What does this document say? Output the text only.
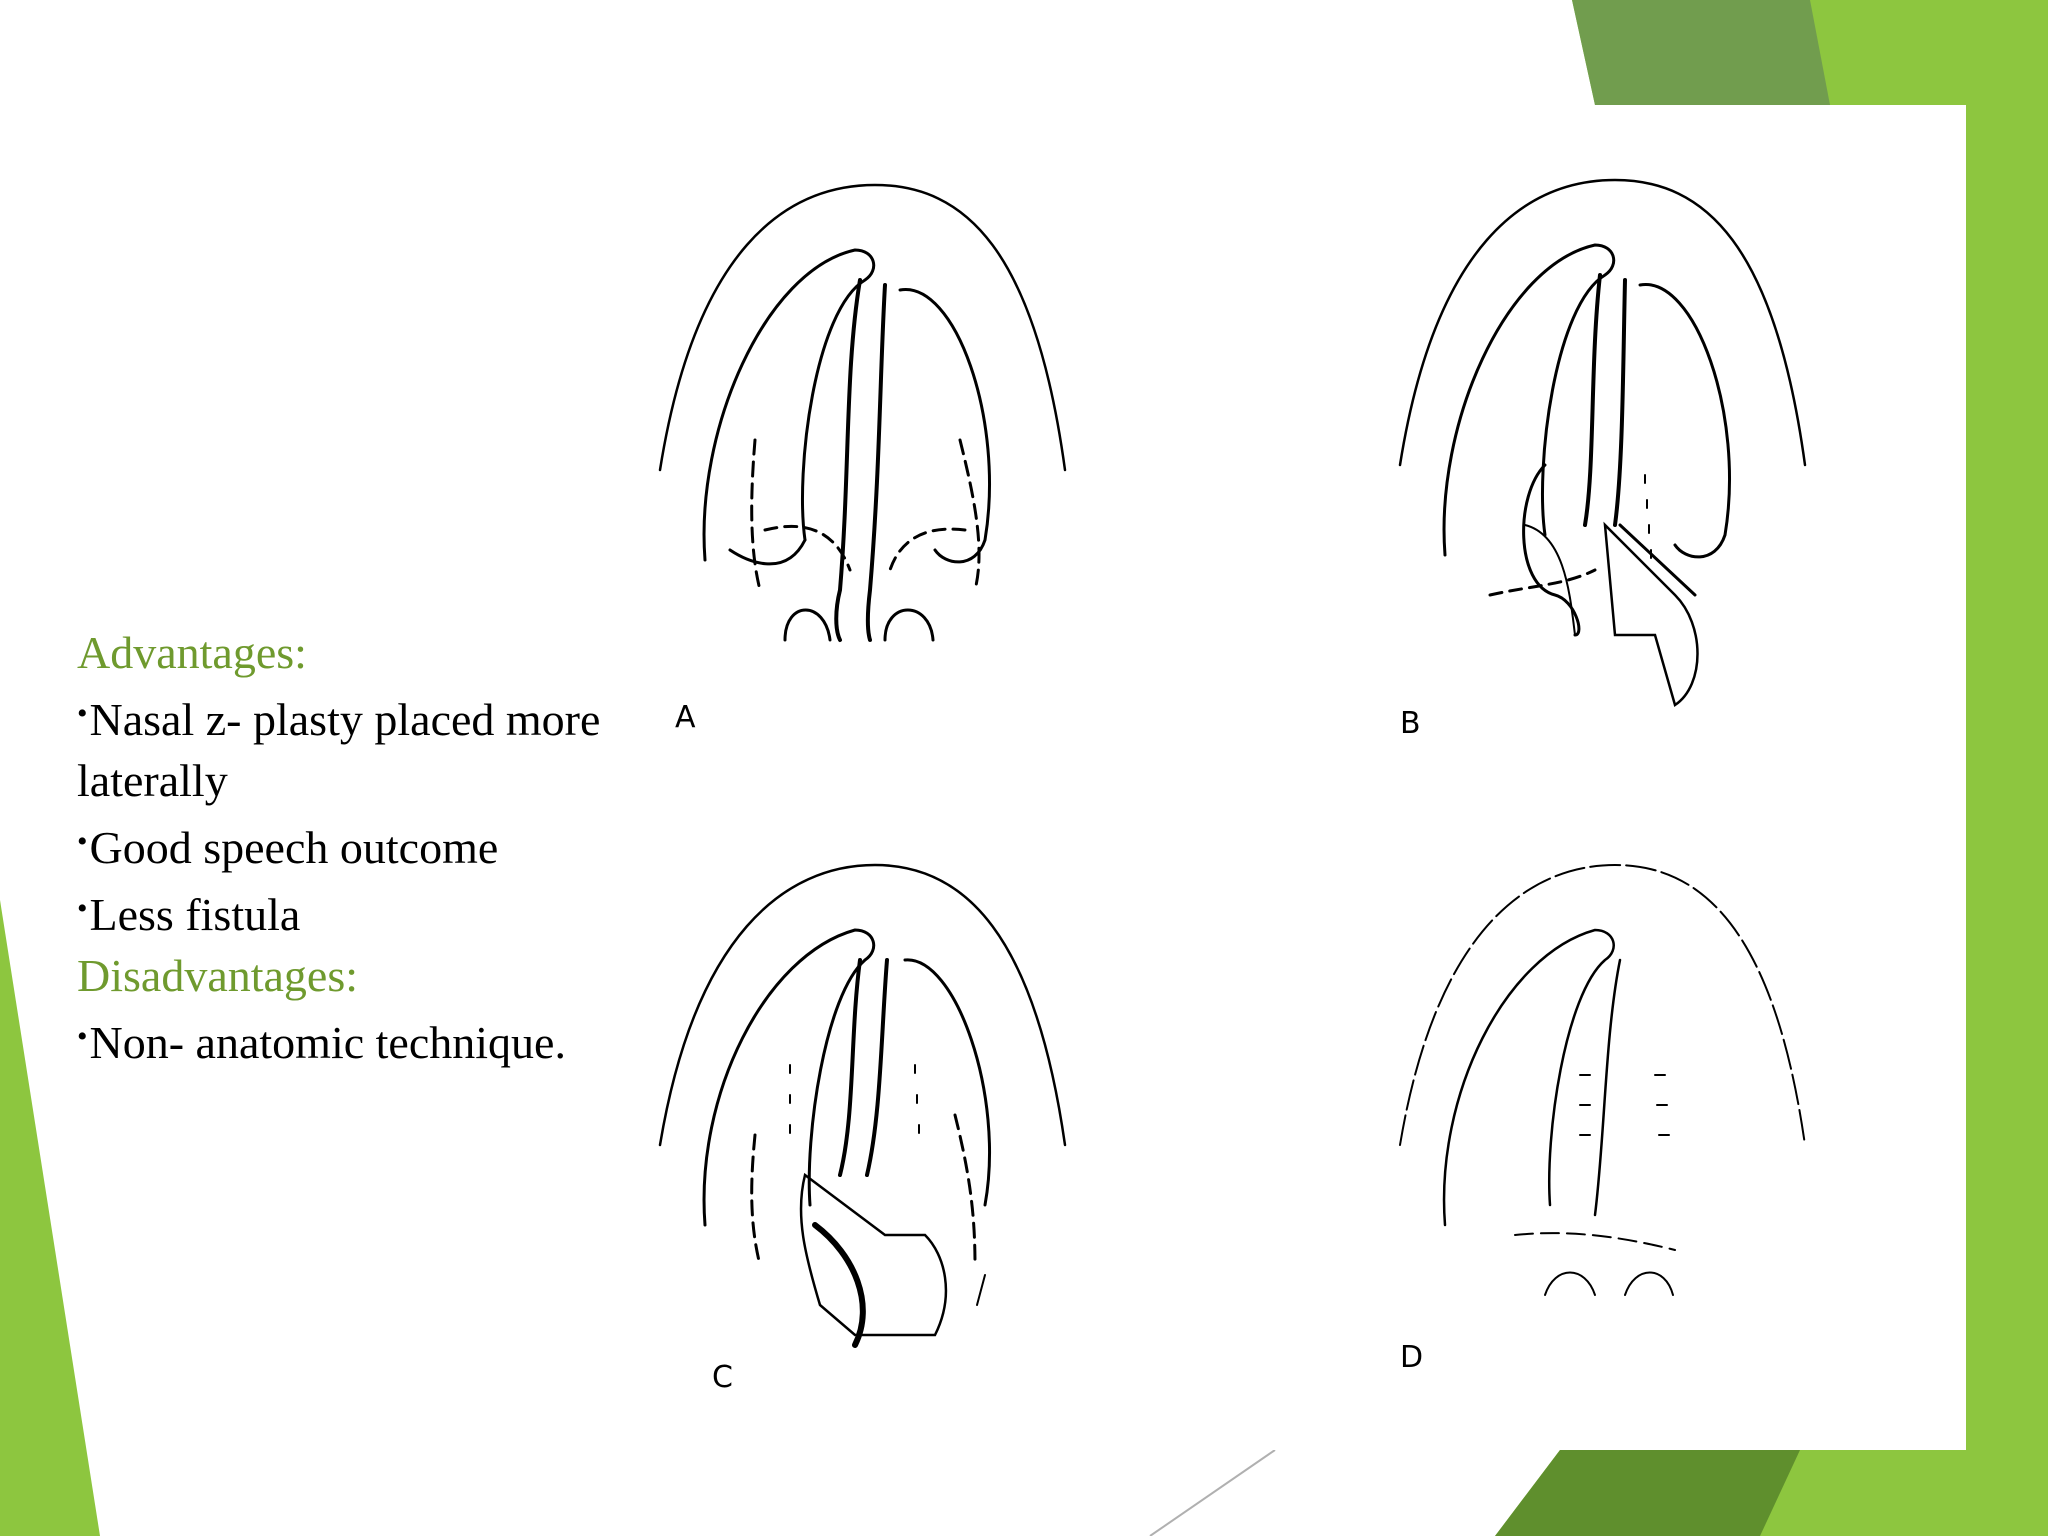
A	B
C
D
Advantages:
•Nasal z- plasty placed more laterally
•Good speech outcome
•Less fistula
Disadvantages:
•Non- anatomic technique.
